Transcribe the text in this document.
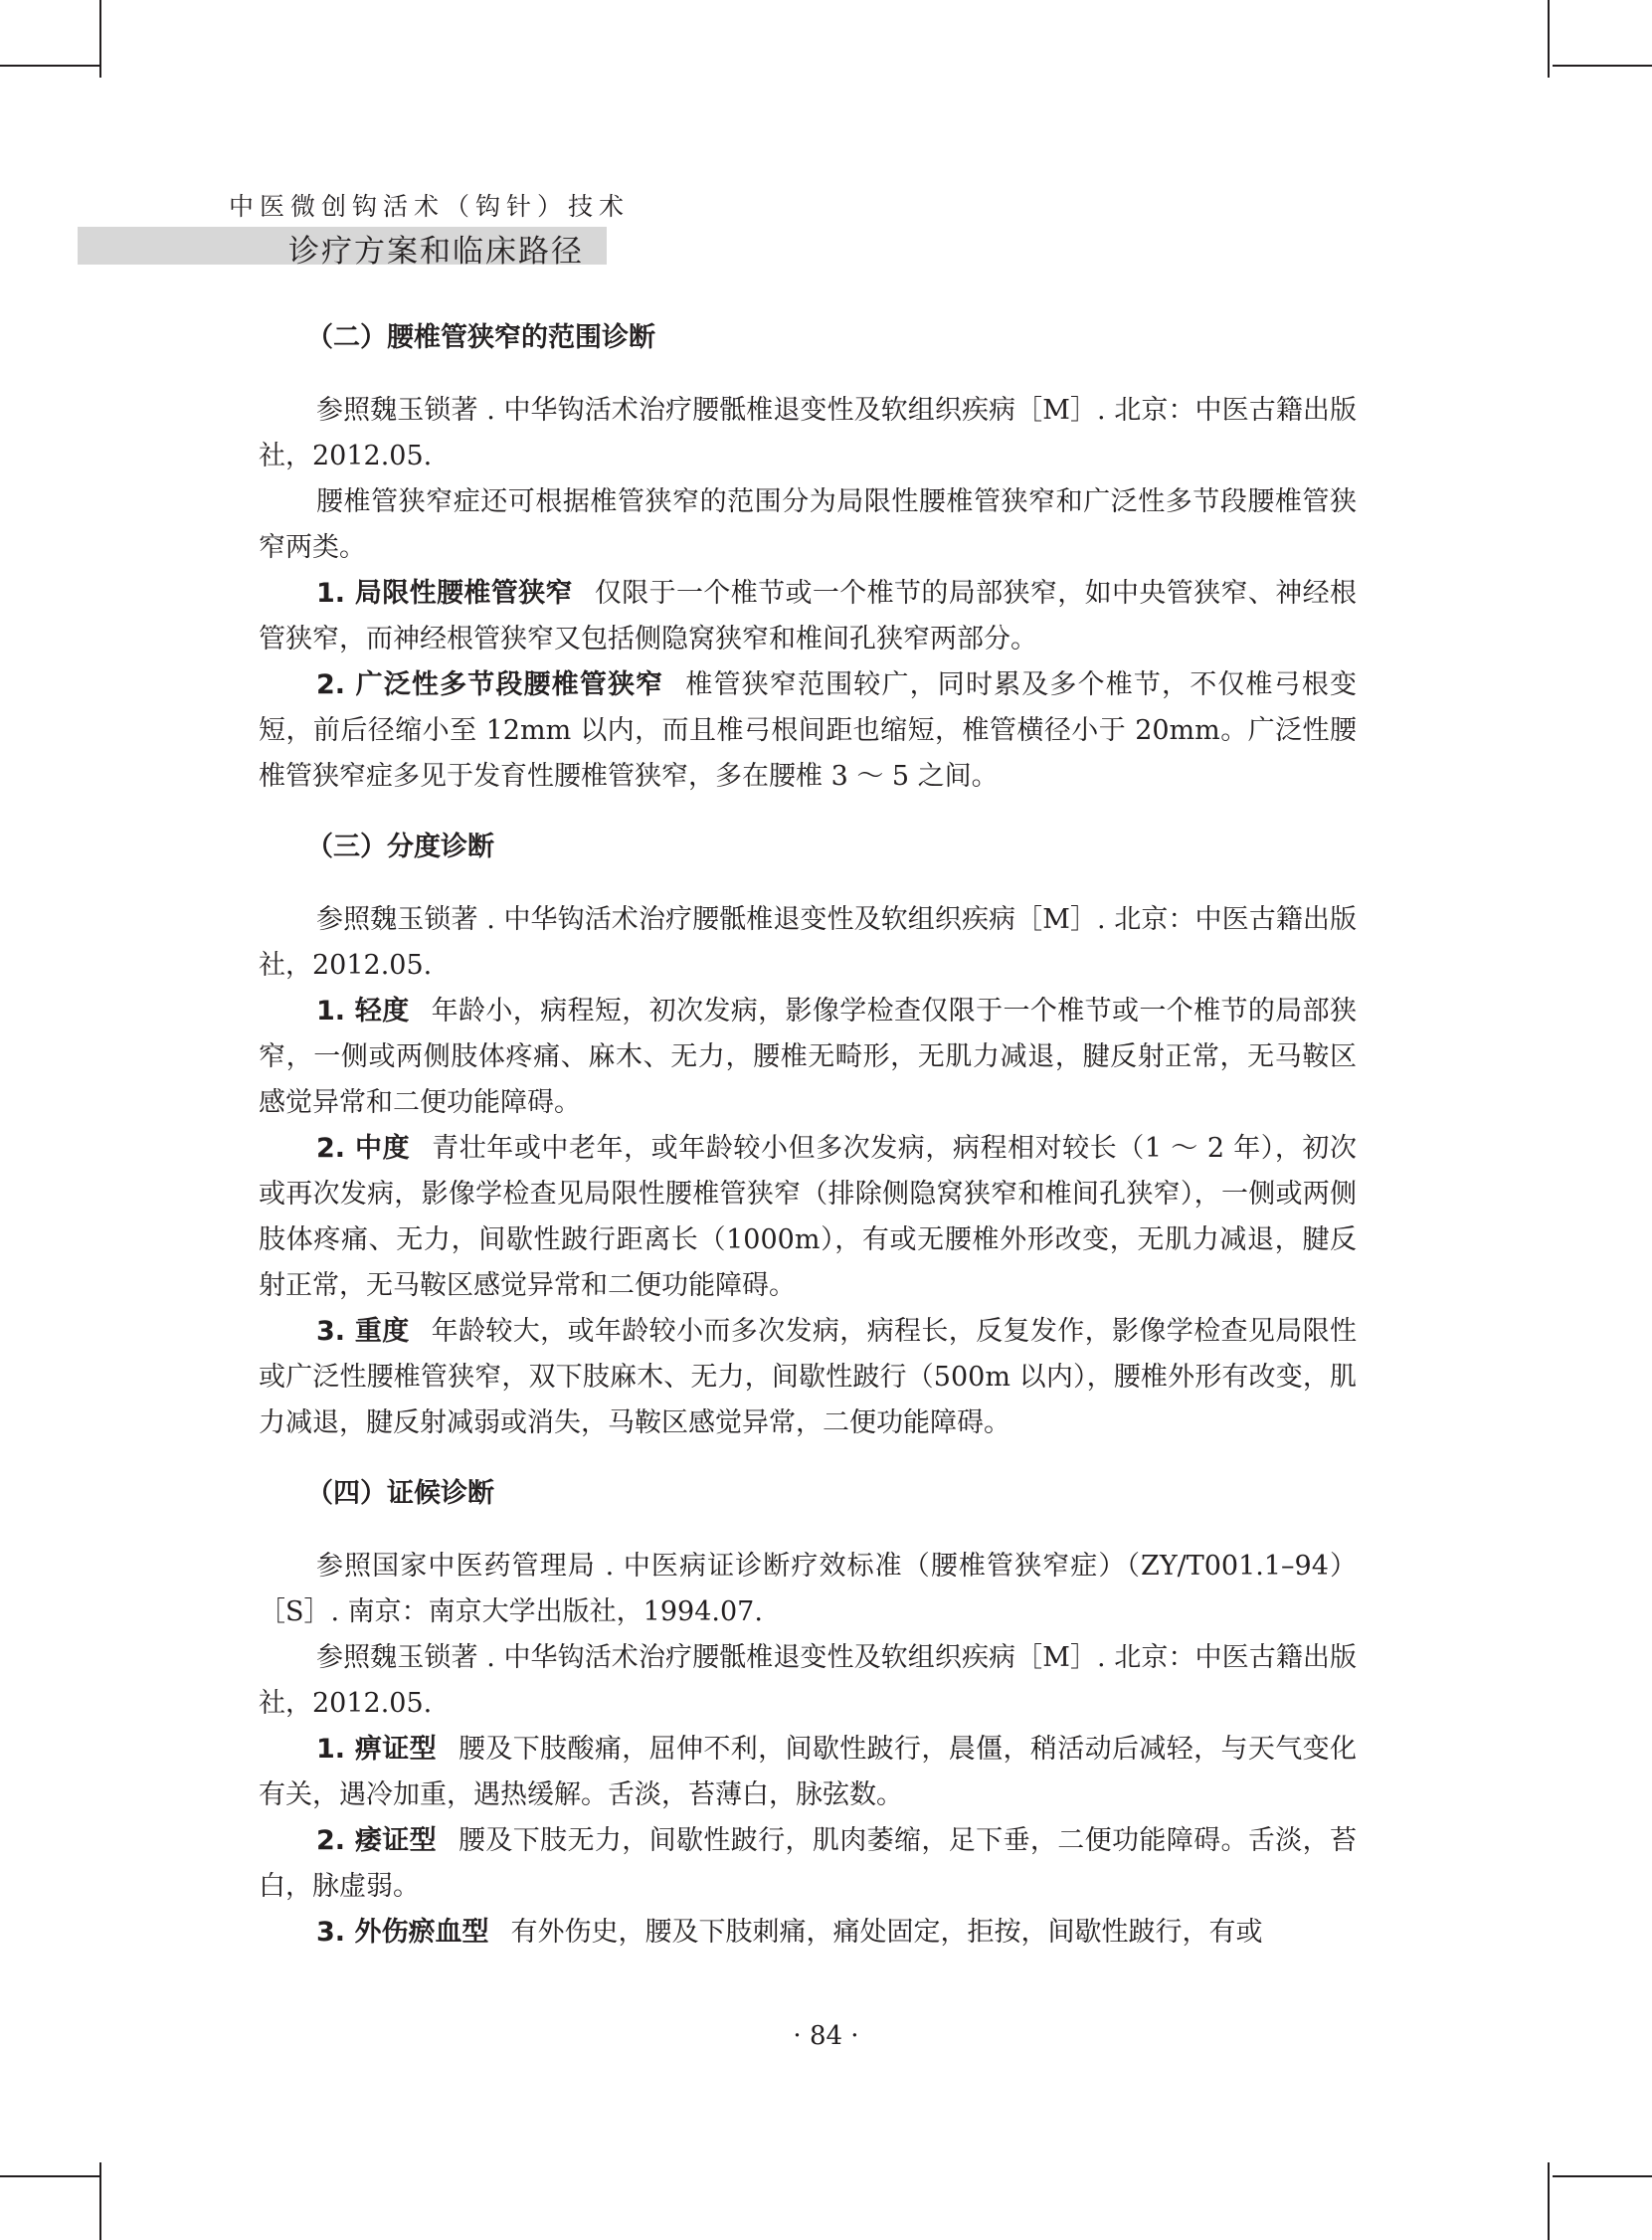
中医微创钩活术（钩针）技术
诊疗方案和临床路径
（二）腰椎管狭窄的范围诊断

参照魏玉锁著 . 中华钩活术治疗腰骶椎退变性及软组织疾病［M］. 北京：中医古籍出版社，2012.05.

腰椎管狭窄症还可根据椎管狭窄的范围分为局限性腰椎管狭窄和广泛性多节段腰椎管狭窄两类。

1. 局限性腰椎管狭窄 仅限于一个椎节或一个椎节的局部狭窄，如中央管狭窄、神经根管狭窄，而神经根管狭窄又包括侧隐窝狭窄和椎间孔狭窄两部分。

2. 广泛性多节段腰椎管狭窄 椎管狭窄范围较广，同时累及多个椎节，不仅椎弓根变短，前后径缩小至 12mm 以内，而且椎弓根间距也缩短，椎管横径小于 20mm。广泛性腰椎管狭窄症多见于发育性腰椎管狭窄，多在腰椎 3 ～ 5 之间。

（三）分度诊断

参照魏玉锁著 . 中华钩活术治疗腰骶椎退变性及软组织疾病［M］. 北京：中医古籍出版社，2012.05.

1. 轻度 年龄小，病程短，初次发病，影像学检查仅限于一个椎节或一个椎节的局部狭窄，一侧或两侧肢体疼痛、麻木、无力，腰椎无畸形，无肌力减退，腱反射正常，无马鞍区感觉异常和二便功能障碍。

2. 中度 青壮年或中老年，或年龄较小但多次发病，病程相对较长（1 ～ 2 年），初次或再次发病，影像学检查见局限性腰椎管狭窄（排除侧隐窝狭窄和椎间孔狭窄），一侧或两侧肢体疼痛、无力，间歇性跛行距离长（1000m），有或无腰椎外形改变，无肌力减退，腱反射正常，无马鞍区感觉异常和二便功能障碍。

3. 重度 年龄较大，或年龄较小而多次发病，病程长，反复发作，影像学检查见局限性或广泛性腰椎管狭窄，双下肢麻木、无力，间歇性跛行（500m 以内），腰椎外形有改变，肌力减退，腱反射减弱或消失，马鞍区感觉异常，二便功能障碍。

（四）证候诊断

参照国家中医药管理局 . 中医病证诊断疗效标准（腰椎管狭窄症）（ZY/T001.1–94）［S］. 南京：南京大学出版社，1994.07.

参照魏玉锁著 . 中华钩活术治疗腰骶椎退变性及软组织疾病［M］. 北京：中医古籍出版社，2012.05.

1. 痹证型 腰及下肢酸痛，屈伸不利，间歇性跛行，晨僵，稍活动后减轻，与天气变化有关，遇冷加重，遇热缓解。舌淡，苔薄白，脉弦数。

2. 痿证型 腰及下肢无力，间歇性跛行，肌肉萎缩，足下垂，二便功能障碍。舌淡，苔白，脉虚弱。

3. 外伤瘀血型 有外伤史，腰及下肢刺痛，痛处固定，拒按，间歇性跛行，有或

· 84 ·
